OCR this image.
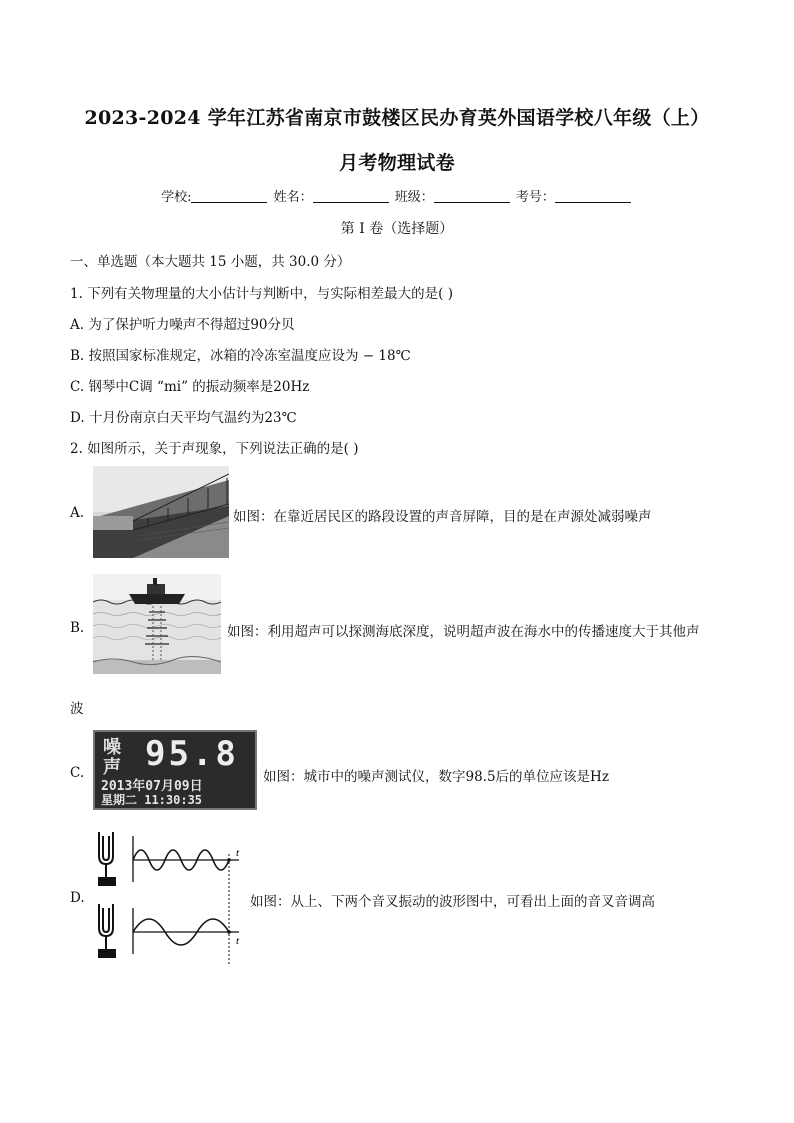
2023-2024 学年江苏省南京市鼓楼区民办育英外国语学校八年级（上）
月考物理试卷
学校:	姓名：	班级：	考号：
第 I 卷（选择题）
一、单选题（本大题共 15 小题，共 30.0 分）
1. 下列有关物理量的大小估计与判断中，与实际相差最大的是( )
A. 为了保护听力噪声不得超过90分贝
B. 按照国家标准规定，冰箱的冷冻室温度应设为 − 18℃
C. 钢琴中C调 “mi” 的振动频率是20Hz
D. 十月份南京白天平均气温约为23℃
2. 如图所示，关于声现象，下列说法正确的是( )
A.	如图：在靠近居民区的路段设置的声音屏障，目的是在声源处减弱噪声
B.	如图：利用超声可以探测海底深度，说明超声波在海水中的传播速度大于其他声
波
C.
噪
声 95.8
2013年07月09日
星期二 11:30:35
如图：城市中的噪声测试仪，数字98.5后的单位应该是Hz
D.
t
t
如图：从上、下两个音叉振动的波形图中，可看出上面的音叉音调高
